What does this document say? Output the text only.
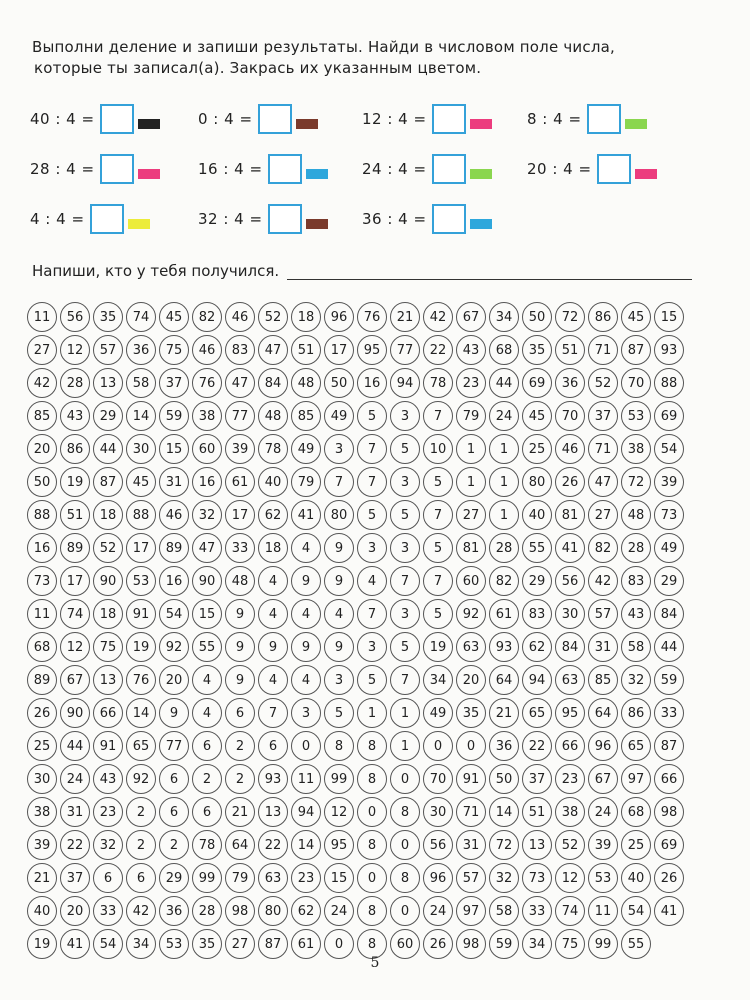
Выполни деление и запиши результаты. Найди в числовом поле числа,
которые ты записал(а). Закрась их указанным цветом.
40 : 4 =	0 : 4 =	12 : 4 =	8 : 4 =
28 : 4 =	16 : 4 =	24 : 4 =	20 : 4 =
4 : 4 =	32 : 4 =	36 : 4 =
Напиши, кто у тебя получился.
11	56	35	74	45	82	46	52	18	96	76	21	42	67	34	50	72	86	45	15
27	12	57	36	75	46	83	47	51	17	95	77	22	43	68	35	51	71	87	93
42	28	13	58	37	76	47	84	48	50	16	94	78	23	44	69	36	52	70	88
85	43	29	14	59	38	77	48	85	49	5	3	7	79	24	45	70	37	53	69
20	86	44	30	15	60	39	78	49	3	7	5	10	1	1	25	46	71	38	54
50	19	87	45	31	16	61	40	79	7	7	3	5	1	1	80	26	47	72	39
88	51	18	88	46	32	17	62	41	80	5	5	7	27	1	40	81	27	48	73
16	89	52	17	89	47	33	18	4	9	3	3	5	81	28	55	41	82	28	49
73	17	90	53	16	90	48	4	9	9	4	7	7	60	82	29	56	42	83	29
11	74	18	91	54	15	9	4	4	4	7	3	5	92	61	83	30	57	43	84
68	12	75	19	92	55	9	9	9	9	3	5	19	63	93	62	84	31	58	44
89	67	13	76	20	4	9	4	4	3	5	7	34	20	64	94	63	85	32	59
26	90	66	14	9	4	6	7	3	5	1	1	49	35	21	65	95	64	86	33
25	44	91	65	77	6	2	6	0	8	8	1	0	0	36	22	66	96	65	87
30	24	43	92	6	2	2	93	11	99	8	0	70	91	50	37	23	67	97	66
38	31	23	2	6	6	21	13	94	12	0	8	30	71	14	51	38	24	68	98
39	22	32	2	2	78	64	22	14	95	8	0	56	31	72	13	52	39	25	69
21	37	6	6	29	99	79	63	23	15	0	8	96	57	32	73	12	53	40	26
40	20	33	42	36	28	98	80	62	24	8	0	24	97	58	33	74	11	54	41
19	41	54	34	53	35	27	87	61	0	8	60	26	98	59	34	75	99	55
5
